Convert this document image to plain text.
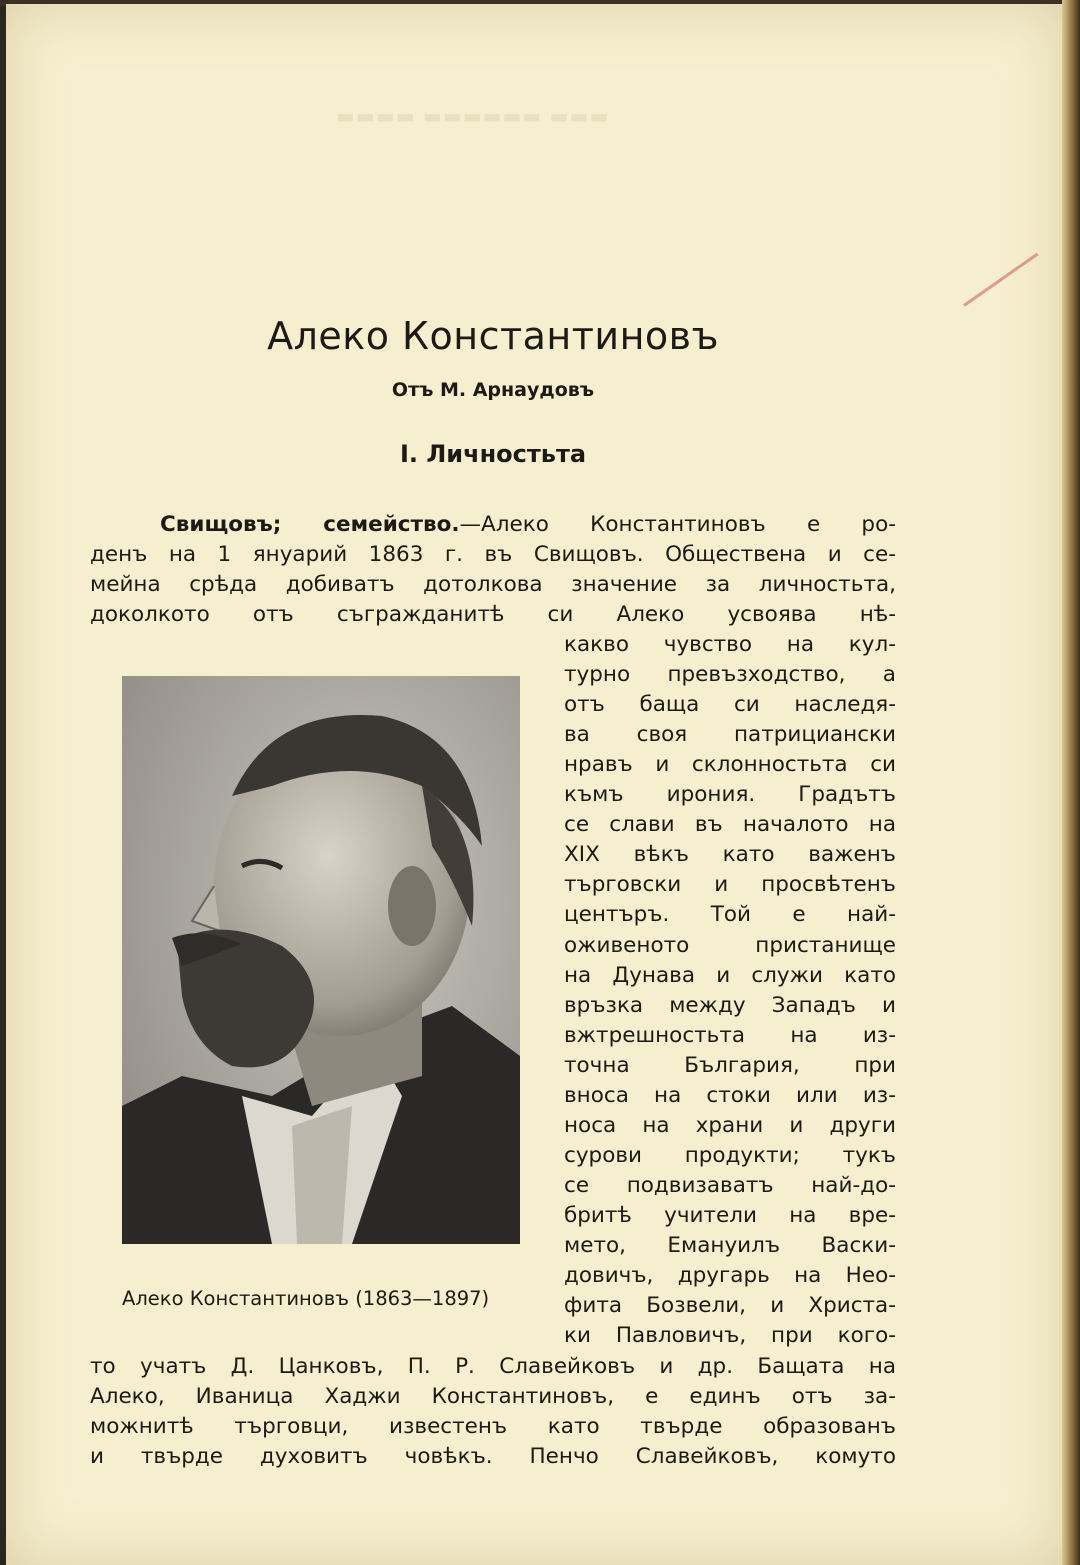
▬▬▬▬ ▬▬▬▬▬▬ ▬▬▬
Алеко Константиновъ
Отъ М. Арнаудовъ
I. Личностьта
Свищовъ; семейство.—Алеко Константиновъ е ро-
денъ на 1 януарий 1863 г. въ Свищовъ. Обществена и се-
мейна срѣда добиватъ дотолкова значение за личностьта,
доколкото отъ съгражданитѣ си Алеко усвоява нѣ-
какво чувство на кул-
турно превъзходство, а
отъ баща си наследя-
ва своя патрициански
нравъ и склонностьта си
къмъ ирония. Градътъ
се слави въ началото на
XIX вѣкъ като важенъ
търговски и просвѣтенъ
центъръ. Той е най-
оживеното пристанище
на Дунава и служи като
връзка между Западъ и
вжтрешностьта на из-
точна България, при
вноса на стоки или из-
носа на храни и други
сурови продукти; тукъ
се подвизаватъ най-до-
бритѣ учители на вре-
мето, Емануилъ Васки-
довичъ, другарь на Нео-
фита Бозвели, и Христа-
ки Павловичъ, при кого-
Алеко Константиновъ (1863—1897)
то учатъ Д. Цанковъ, П. Р. Славейковъ и др. Бащата на
Алеко, Иваница Хаджи Константиновъ, е единъ отъ за-
можнитѣ търговци, известенъ като твърде образованъ
и твърде духовитъ човѣкъ. Пенчо Славейковъ, комуто
